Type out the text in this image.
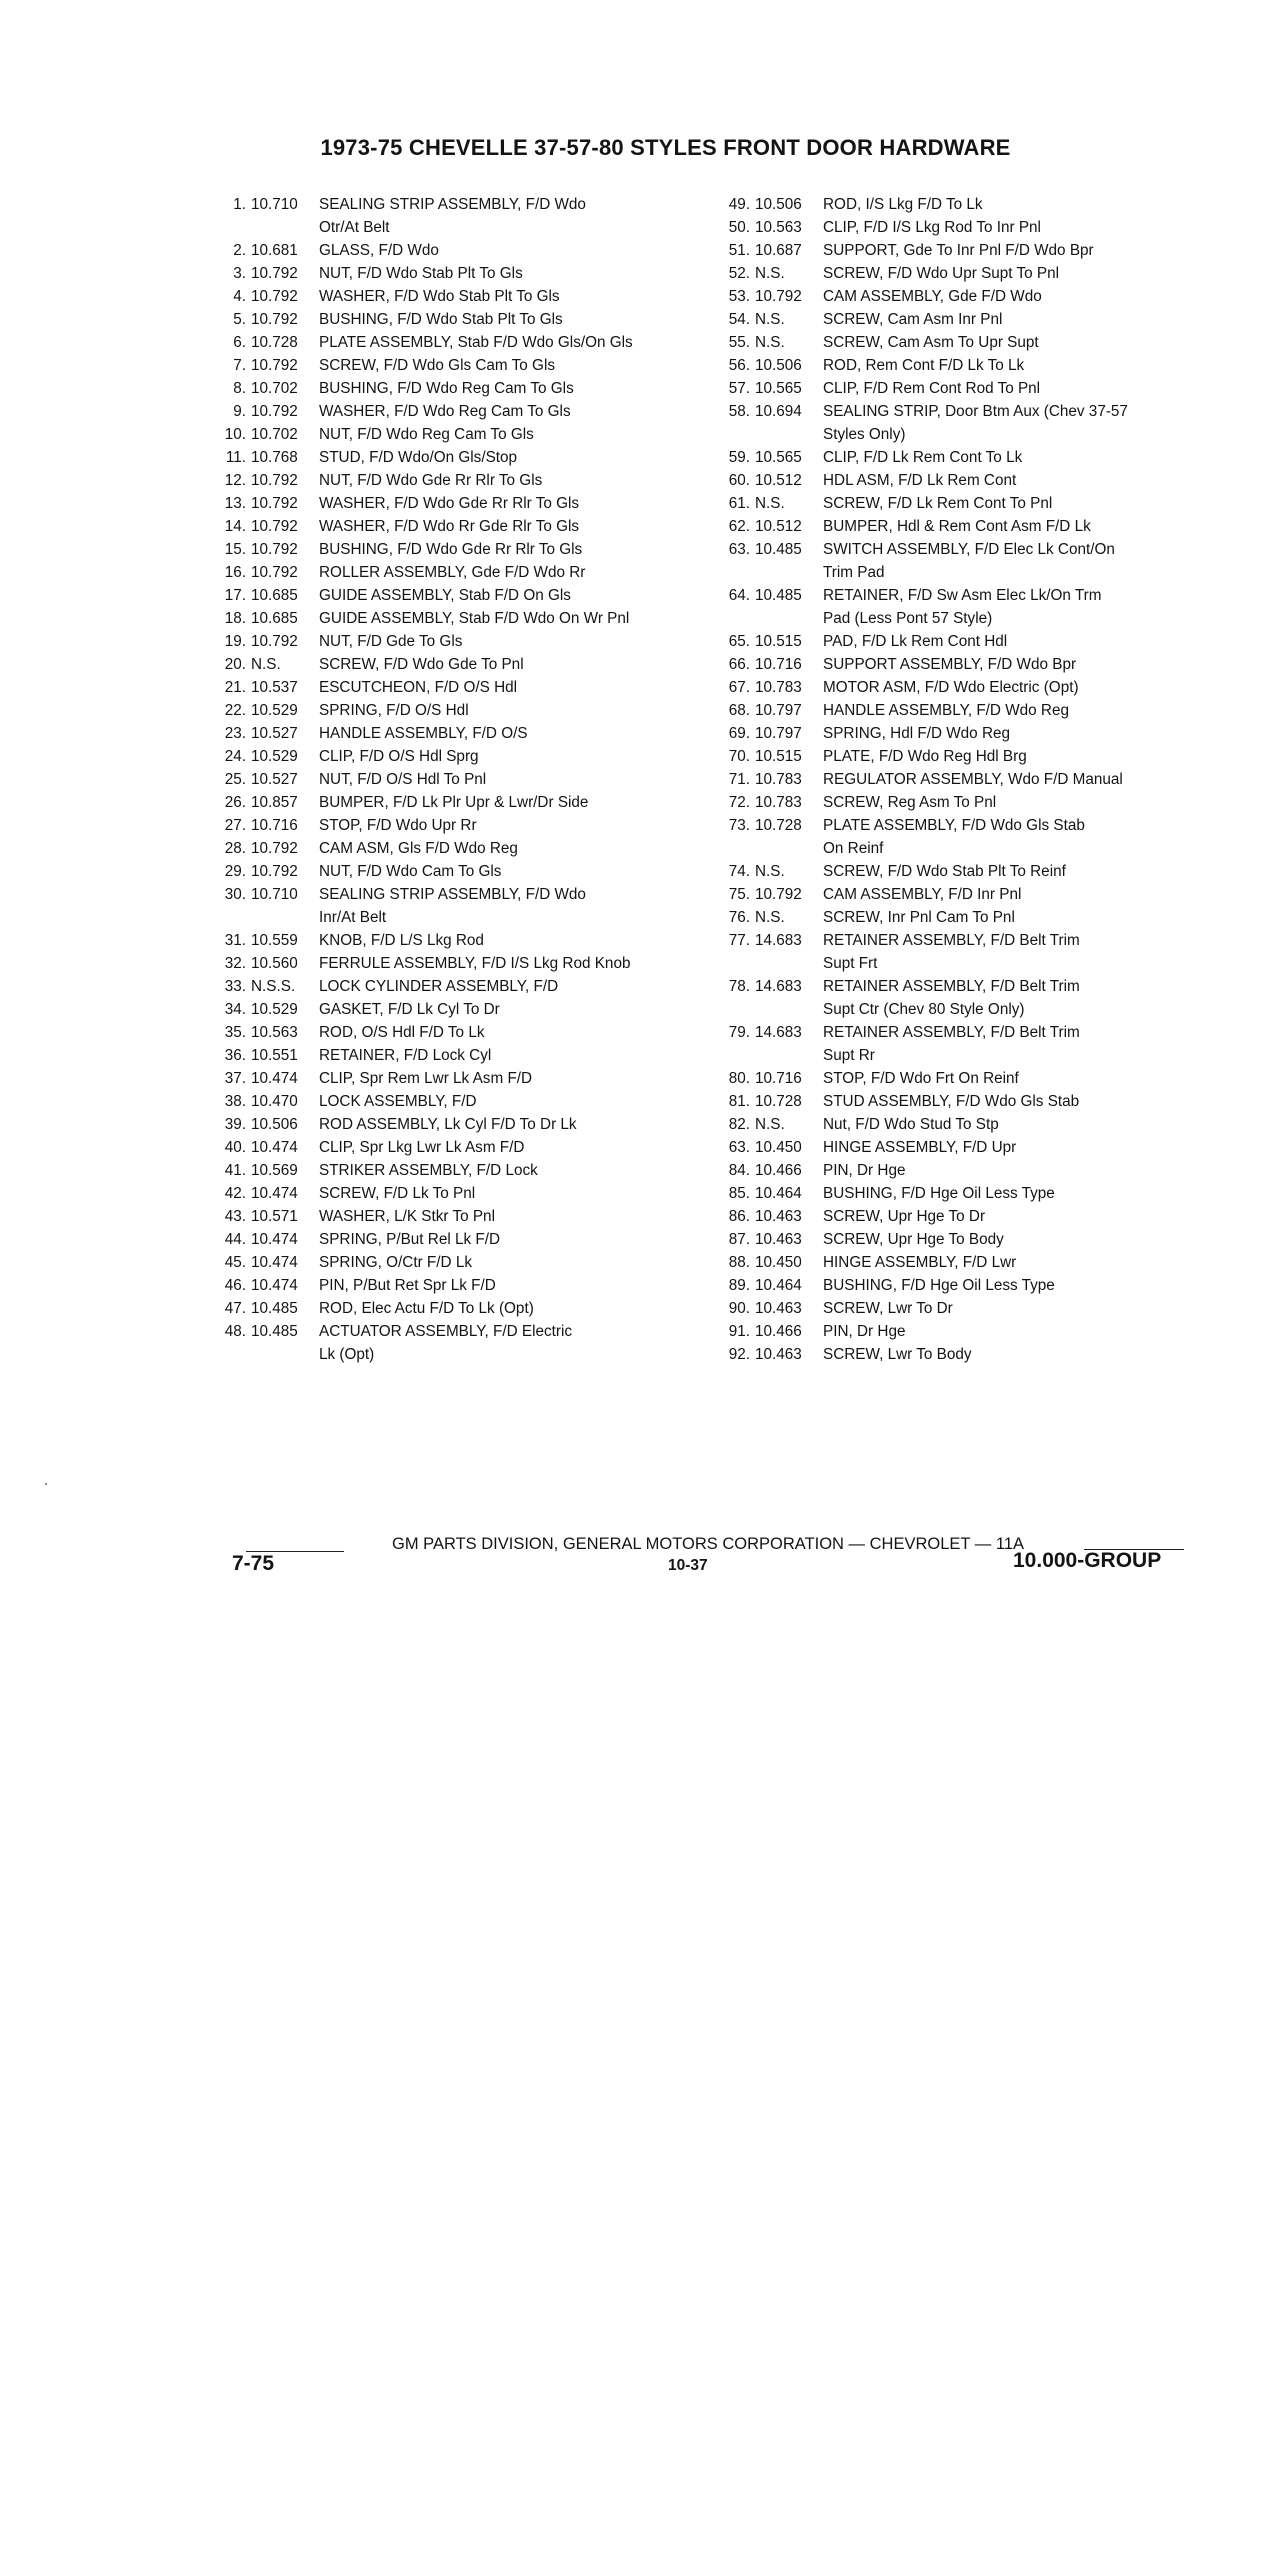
1973-75 CHEVELLE 37-57-80 STYLES FRONT DOOR HARDWARE
1. 10.710	SEALING STRIP ASSEMBLY, F/D Wdo
Otr/At Belt
2. 10.681	GLASS, F/D Wdo
3. 10.792	NUT, F/D Wdo Stab Plt To Gls
4. 10.792	WASHER, F/D Wdo Stab Plt To Gls
5. 10.792	BUSHING, F/D Wdo Stab Plt To Gls
6. 10.728	PLATE ASSEMBLY, Stab F/D Wdo Gls/On Gls
7. 10.792	SCREW, F/D Wdo Gls Cam To Gls
8. 10.702	BUSHING, F/D Wdo Reg Cam To Gls
9. 10.792	WASHER, F/D Wdo Reg Cam To Gls
10. 10.702	NUT, F/D Wdo Reg Cam To Gls
11. 10.768	STUD, F/D Wdo/On Gls/Stop
12. 10.792	NUT, F/D Wdo Gde Rr Rlr To Gls
13. 10.792	WASHER, F/D Wdo Gde Rr Rlr To Gls
14. 10.792	WASHER, F/D Wdo Rr Gde Rlr To Gls
15. 10.792	BUSHING, F/D Wdo Gde Rr Rlr To Gls
16. 10.792	ROLLER ASSEMBLY, Gde F/D Wdo Rr
17. 10.685	GUIDE ASSEMBLY, Stab F/D On Gls
18. 10.685	GUIDE ASSEMBLY, Stab F/D Wdo On Wr Pnl
19. 10.792	NUT, F/D Gde To Gls
20. N.S.	SCREW, F/D Wdo Gde To Pnl
21. 10.537	ESCUTCHEON, F/D O/S Hdl
22. 10.529	SPRING, F/D O/S Hdl
23. 10.527	HANDLE ASSEMBLY, F/D O/S
24. 10.529	CLIP, F/D O/S Hdl Sprg
25. 10.527	NUT, F/D O/S Hdl To Pnl
26. 10.857	BUMPER, F/D Lk Plr Upr & Lwr/Dr Side
27. 10.716	STOP, F/D Wdo Upr Rr
28. 10.792	CAM ASM, Gls F/D Wdo Reg
29. 10.792	NUT, F/D Wdo Cam To Gls
30. 10.710	SEALING STRIP ASSEMBLY, F/D Wdo
Inr/At Belt
31. 10.559	KNOB, F/D L/S Lkg Rod
32. 10.560	FERRULE ASSEMBLY, F/D I/S Lkg Rod Knob
33. N.S.S.	LOCK CYLINDER ASSEMBLY, F/D
34. 10.529	GASKET, F/D Lk Cyl To Dr
35. 10.563	ROD, O/S Hdl F/D To Lk
36. 10.551	RETAINER, F/D Lock Cyl
37. 10.474	CLIP, Spr Rem Lwr Lk Asm F/D
38. 10.470	LOCK ASSEMBLY, F/D
39. 10.506	ROD ASSEMBLY, Lk Cyl F/D To Dr Lk
40. 10.474	CLIP, Spr Lkg Lwr Lk Asm F/D
41. 10.569	STRIKER ASSEMBLY, F/D Lock
42. 10.474	SCREW, F/D Lk To Pnl
43. 10.571	WASHER, L/K Stkr To Pnl
44. 10.474	SPRING, P/But Rel Lk F/D
45. 10.474	SPRING, O/Ctr F/D Lk
46. 10.474	PIN, P/But Ret Spr Lk F/D
47. 10.485	ROD, Elec Actu F/D To Lk (Opt)
48. 10.485	ACTUATOR ASSEMBLY, F/D Electric
Lk (Opt)
49. 10.506	ROD, I/S Lkg F/D To Lk
50. 10.563	CLIP, F/D I/S Lkg Rod To Inr Pnl
51. 10.687	SUPPORT, Gde To Inr Pnl F/D Wdo Bpr
52. N.S.	SCREW, F/D Wdo Upr Supt To Pnl
53. 10.792	CAM ASSEMBLY, Gde F/D Wdo
54. N.S.	SCREW, Cam Asm Inr Pnl
55. N.S.	SCREW, Cam Asm To Upr Supt
56. 10.506	ROD, Rem Cont F/D Lk To Lk
57. 10.565	CLIP, F/D Rem Cont Rod To Pnl
58. 10.694	SEALING STRIP, Door Btm Aux (Chev 37-57
Styles Only)
59. 10.565	CLIP, F/D Lk Rem Cont To Lk
60. 10.512	HDL ASM, F/D Lk Rem Cont
61. N.S.	SCREW, F/D Lk Rem Cont To Pnl
62. 10.512	BUMPER, Hdl & Rem Cont Asm F/D Lk
63. 10.485	SWITCH ASSEMBLY, F/D Elec Lk Cont/On
Trim Pad
64. 10.485	RETAINER, F/D Sw Asm Elec Lk/On Trm
Pad (Less Pont 57 Style)
65. 10.515	PAD, F/D Lk Rem Cont Hdl
66. 10.716	SUPPORT ASSEMBLY, F/D Wdo Bpr
67. 10.783	MOTOR ASM, F/D Wdo Electric (Opt)
68. 10.797	HANDLE ASSEMBLY, F/D Wdo Reg
69. 10.797	SPRING, Hdl F/D Wdo Reg
70. 10.515	PLATE, F/D Wdo Reg Hdl Brg
71. 10.783	REGULATOR ASSEMBLY, Wdo F/D Manual
72. 10.783	SCREW, Reg Asm To Pnl
73. 10.728	PLATE ASSEMBLY, F/D Wdo Gls Stab
On Reinf
74. N.S.	SCREW, F/D Wdo Stab Plt To Reinf
75. 10.792	CAM ASSEMBLY, F/D Inr Pnl
76. N.S.	SCREW, Inr Pnl Cam To Pnl
77. 14.683	RETAINER ASSEMBLY, F/D Belt Trim
Supt Frt
78. 14.683	RETAINER ASSEMBLY, F/D Belt Trim
Supt Ctr (Chev 80 Style Only)
79. 14.683	RETAINER ASSEMBLY, F/D Belt Trim
Supt Rr
80. 10.716	STOP, F/D Wdo Frt On Reinf
81. 10.728	STUD ASSEMBLY, F/D Wdo Gls Stab
82. N.S.	Nut, F/D Wdo Stud To Stp
63. 10.450	HINGE ASSEMBLY, F/D Upr
84. 10.466	PIN, Dr Hge
85. 10.464	BUSHING, F/D Hge Oil Less Type
86. 10.463	SCREW, Upr Hge To Dr
87. 10.463	SCREW, Upr Hge To Body
88. 10.450	HINGE ASSEMBLY, F/D Lwr
89. 10.464	BUSHING, F/D Hge Oil Less Type
90. 10.463	SCREW, Lwr To Dr
91. 10.466	PIN, Dr Hge
92. 10.463	SCREW, Lwr To Body
GM PARTS DIVISION, GENERAL MOTORS CORPORATION — CHEVROLET — 11A
10-37
7-75	10.000-GROUP
